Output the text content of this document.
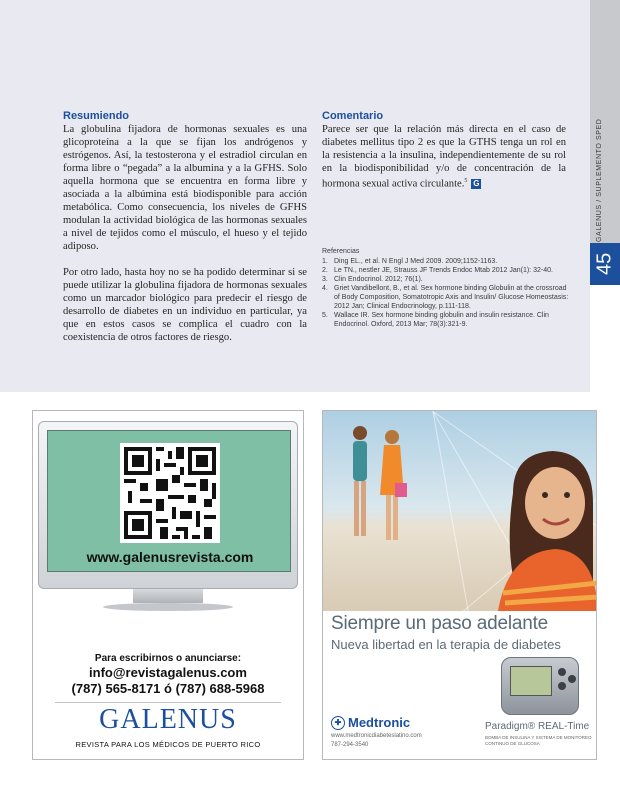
GALENUS / SUPLEMENTO SPED
45
Resumiendo

La globulina fijadora de hormonas sexuales es una glicoproteína a la que se fijan los andrógenos y estrógenos. Así, la testosterona y el estradiol circulan en forma libre o “pegada” a la albumina y a la GFHS. Solo aquella hormona que se encuentra en forma libre y asociada a la albúmina está biodisponible para acción metabólica. Como consecuencia, los niveles de GFHS modulan la actividad biológica de las hormonas sexuales a nivel de tejidos como el músculo, el hueso y el tejido adiposo.

Por otro lado, hasta hoy no se ha podido determinar si se puede utilizar la globulina fijadora de hormonas sexuales como un marcador biológico para predecir el riesgo de desarrollo de diabetes en un individuo en particular, ya que en estos casos se complica el cuadro con la coexistencia de otros factores de riesgo.

Comentario

Parece ser que la relación más directa en el caso de diabetes mellitus tipo 2 es que la GTHS tenga un rol en la resistencia a la insulina, independientemente de su rol en la biodisponibilidad y/o de concentración de la hormona sexual activa circulante.$^5$ G

Referencias
1. Ding EL., et al. N Engl J Med 2009. 2009;1152-1163.
2. Le TN., nestler JE, Strauss JF Trends Endoc Mtab 2012 Jan(1): 32-40.
3. Clin Endocrinol. 2012; 76(1).
4. Griet Vandibellont, B., et al. Sex hormone binding Globulin at the crossroad of Body Composition, Somatotropic Axis and Insulin/ Glucose Homeostasis: 2012 Jan; Clinical Endocrinology, p.111-118.
5. Wallace IR. Sex hormone binding globulin and insulin resistance. Clin Endocrinol. Oxford, 2013 Mar; 78(3):321-9.
www.galenusrevista.com
Para escribirnos o anunciarse:
info@revistagalenus.com
(787) 565-8171 ó (787) 688-5968
GALENUS
REVISTA PARA LOS MÉDICOS DE PUERTO RICO
Siempre un paso adelante
Nueva libertad en la terapia de diabetes
✚ Medtronic
www.medtronicdiabeteslatino.com
787-294-3540
Paradigm® REAL-Time
BOMBA DE INSULINA Y SISTEMA DE MONITOREO CONTINUO DE GLUCOSA
